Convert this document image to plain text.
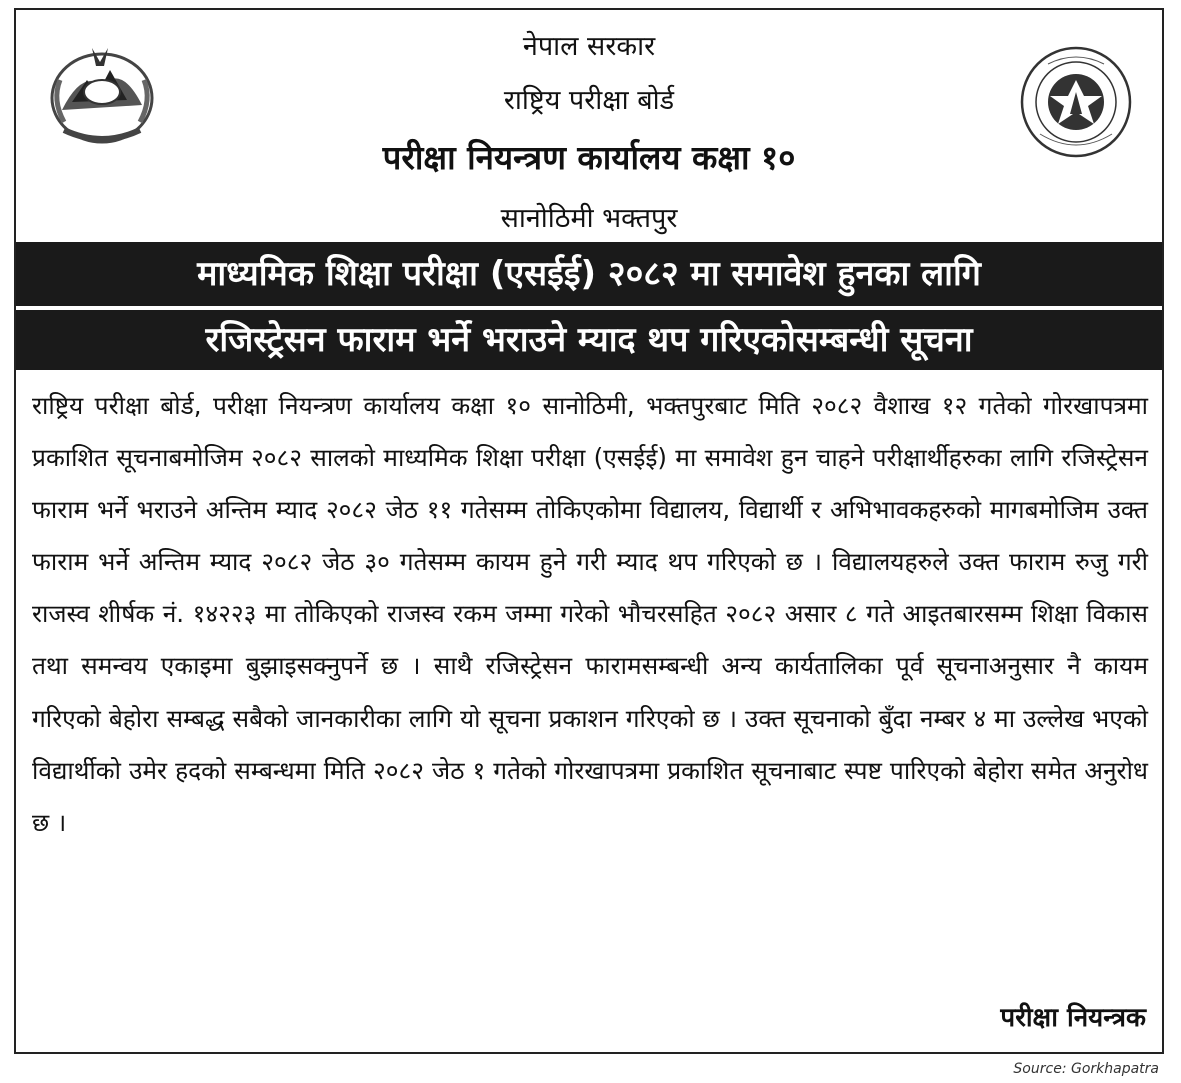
नेपाल सरकार
राष्ट्रिय परीक्षा बोर्ड
परीक्षा नियन्त्रण कार्यालय कक्षा १०
सानोठिमी भक्तपुर
माध्यमिक शिक्षा परीक्षा (एसईई) २०८२ मा समावेश हुनका लागि
रजिस्ट्रेसन फाराम भर्ने भराउने म्याद थप गरिएकोसम्बन्धी सूचना
राष्ट्रिय परीक्षा बोर्ड, परीक्षा नियन्त्रण कार्यालय कक्षा १० सानोठिमी, भक्तपुरबाट मिति २०८२ वैशाख १२ गतेको गोरखापत्रमा प्रकाशित सूचनाबमोजिम २०८२ सालको माध्यमिक शिक्षा परीक्षा (एसईई) मा समावेश हुन चाहने परीक्षार्थीहरुका लागि रजिस्ट्रेसन फाराम भर्ने भराउने अन्तिम म्याद २०८२ जेठ ११ गतेसम्म तोकिएकोमा विद्यालय, विद्यार्थी र अभिभावकहरुको मागबमोजिम उक्त फाराम भर्ने अन्तिम म्याद २०८२ जेठ ३० गतेसम्म कायम हुने गरी म्याद थप गरिएको छ । विद्यालयहरुले उक्त फाराम रुजु गरी राजस्व शीर्षक नं. १४२२३ मा तोकिएको राजस्व रकम जम्मा गरेको भौचरसहित २०८२ असार ८ गते आइतबारसम्म शिक्षा विकास तथा समन्वय एकाइमा बुझाइसक्नुपर्ने छ । साथै रजिस्ट्रेसन फारामसम्बन्धी अन्य कार्यतालिका पूर्व सूचनाअनुसार नै कायम गरिएको बेहोरा सम्बद्ध सबैको जानकारीका लागि यो सूचना प्रकाशन गरिएको छ । उक्त सूचनाको बुँदा नम्बर ४ मा उल्लेख भएको विद्यार्थीको उमेर हदको सम्बन्धमा मिति २०८२ जेठ १ गतेको गोरखापत्रमा प्रकाशित सूचनाबाट स्पष्ट पारिएको बेहोरा समेत अनुरोध छ ।
परीक्षा नियन्त्रक
Source: Gorkhapatra
